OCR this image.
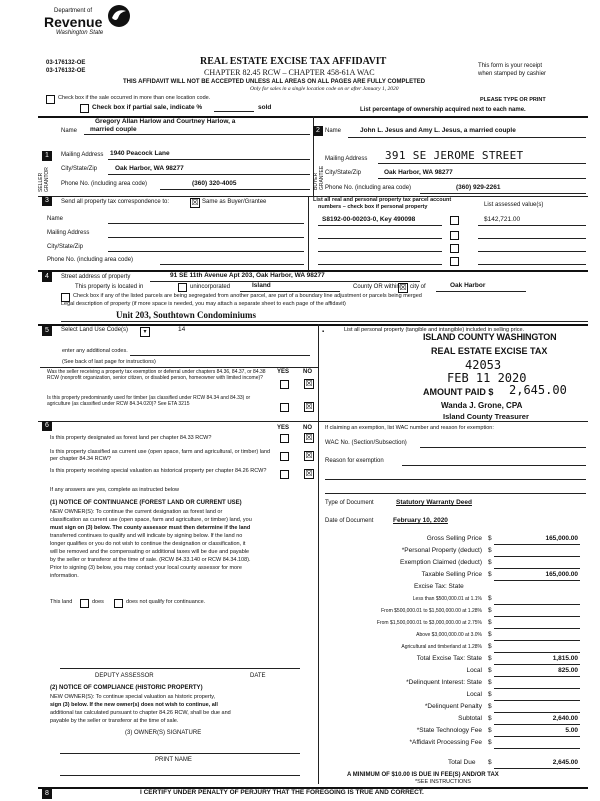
Department of
Revenue
Washington State
03-176132-OE
03-176132-OE
REAL ESTATE EXCISE TAX AFFIDAVIT
CHAPTER 82.45 RCW – CHAPTER 458-61A WAC
THIS AFFIDAVIT WILL NOT BE ACCEPTED UNLESS ALL AREAS ON ALL PAGES ARE FULLY COMPLETED
Only for sales in a single location code on or after January 1, 2020
This form is your receipt
when stamped by cashier
Check box if the sale occurred in more than one location code.
Check box if partial sale, indicate %	sold
PLEASE TYPE OR PRINT
List percentage of ownership acquired next to each name.
1
SELLER GRANTOR
Name
Gregory Allan Harlow and Courtney Harlow, a
married couple
Mailing Address 1940 Peacock Lane
City/State/Zip	Oak Harbor, WA 98277
Phone No. (including area code)	(360) 320-4005
2
BUYER GRANTEE
Name	John L. Jesus and Amy L. Jesus, a married couple
Mailing Address 391 SE JEROME STREET
City/State/Zip	Oak Harbor, WA 98277
Phone No. (including area code)	(360) 929-2261
3	Send all property tax correspondence to:	☒ Same as Buyer/Grantee
Name
Mailing Address
City/State/Zip
Phone No. (including area code)
List all real and personal property tax parcel account
numbers – check box if personal property	List assessed value(s)
S8192-00-00203-0, Key 490098	$142,721.00
4	Street address of property	91 SE 11th Avenue Apt 203, Oak Harbor, WA 98277
This property is located in	unincorporated	Island	County OR within ☒ city of	Oak Harbor
Check box if any of the listed parcels are being segregated from another parcel, are part of a boundary line adjustment or parcels being merged
Legal description of property (if more space is needed, you may attach a separate sheet to each page of the affidavit)
Unit 203, Southtown Condominiums
5	Select Land Use Code(s)	▾	14
enter any additional codes.
(See back of last page for instructions)
YES NO
Was the seller receiving a property tax exemption or deferral under chapters 84.36, 84.37, or 84.38 RCW (nonprofit organization, senior citizen, or disabled person, homeowner with limited income)?
☒
Is this property predominantly used for timber (as classified under RCW 84.34 and 84.33) or agriculture (as classified under RCW 84.34.020)? See ETA 3215	☒
List all personal property (tangible and intangible) included in selling price.
▪	ISLAND COUNTY WASHINGTON
REAL ESTATE EXCISE TAX
42053
FEB 11 2020
AMOUNT PAID $ 2,645.00
Wanda J. Grone, CPA
Island County Treasurer
6	YES NO
Is this property designated as forest land per chapter 84.33 RCW?	☒
Is this property classified as current use (open space, farm and agricultural, or timber) land per chapter 84.34 RCW?	☒
Is this property receiving special valuation as historical property per chapter 84.26 RCW?	☒
If any answers are yes, complete as instructed below
(1) NOTICE OF CONTINUANCE (FOREST LAND OR CURRENT USE)
NEW OWNER(S): To continue the current designation as forest land or
classification as current use (open space, farm and agriculture, or timber) land, you
must sign on (3) below. The county assessor must then determine if the land
transferred continues to qualify and will indicate by signing below. If the land no
longer qualifies or you do not wish to continue the designation or classification, it
will be removed and the compensating or additional taxes will be due and payable
by the seller or transferor at the time of sale. (RCW 84.33.140 or RCW 84.34.108).
Prior to signing (3) below, you may contact your local county assessor for more
information.
This land	does	does not qualify for continuance.
DEPUTY ASSESSOR	DATE
(2) NOTICE OF COMPLIANCE (HISTORIC PROPERTY)
NEW OWNER(S): To continue special valuation as historic property,
sign (3) below. If the new owner(s) does not wish to continue, all
additional tax calculated pursuant to chapter 84.26 RCW, shall be due and
payable by the seller or transferor at the time of sale.
(3) OWNER(S) SIGNATURE
PRINT NAME
If claiming an exemption, list WAC number and reason for exemption:
WAC No. (Section/Subsection)
Reason for exemption
Type of Document	Statutory Warranty Deed
Date of Document	February 10, 2020
Gross Selling Price $	165,000.00
*Personal Property (deduct) $
Exemption Claimed (deduct) $
Taxable Selling Price $	165,000.00
Excise Tax: State
Less than $500,000.01 at 1.1% $
From $500,000.01 to $1,500,000.00 at 1.28% $
From $1,500,000.01 to $3,000,000.00 at 2.75% $
Above $3,000,000.00 at 3.0% $
Agricultural and timberland at 1.28% $
Total Excise Tax: State $	1,815.00
Local $	825.00
*Delinquent Interest: State $
Local $
*Delinquent Penalty $
Subtotal $	2,640.00
*State Technology Fee $	5.00
*Affidavit Processing Fee $
Total Due $	2,645.00
A MINIMUM OF $10.00 IS DUE IN FEE(S) AND/OR TAX
*SEE INSTRUCTIONS
8	I CERTIFY UNDER PENALTY OF PERJURY THAT THE FOREGOING IS TRUE AND CORRECT.
